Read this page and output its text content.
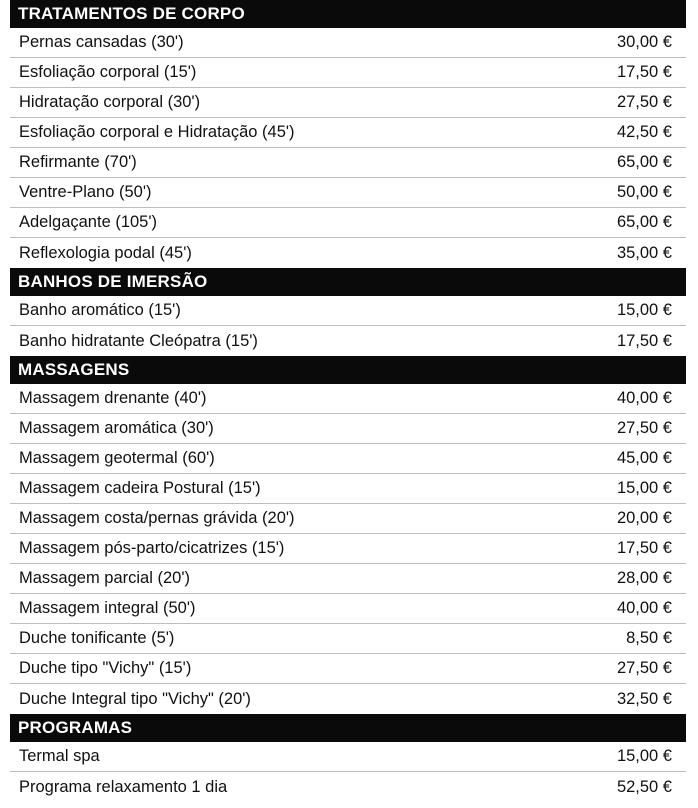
TRATAMENTOS DE CORPO
Pernas cansadas (30')	30,00 €
Esfoliação corporal (15')	17,50 €
Hidratação corporal (30')	27,50 €
Esfoliação corporal e Hidratação (45')	42,50 €
Refirmante (70')	65,00 €
Ventre-Plano (50')	50,00 €
Adelgaçante (105')	65,00 €
Reflexologia podal (45')	35,00 €
BANHOS DE IMERSÃO
Banho aromático (15')	15,00 €
Banho hidratante Cleópatra (15')	17,50 €
MASSAGENS
Massagem drenante (40')	40,00 €
Massagem aromática (30')	27,50 €
Massagem geotermal (60')	45,00 €
Massagem cadeira Postural (15')	15,00 €
Massagem costa/pernas grávida (20')	20,00 €
Massagem pós-parto/cicatrizes (15')	17,50 €
Massagem parcial (20')	28,00 €
Massagem integral (50')	40,00 €
Duche tonificante (5')	8,50 €
Duche tipo "Vichy" (15')	27,50 €
Duche Integral tipo "Vichy" (20')	32,50 €
PROGRAMAS
Termal spa	15,00 €
Programa relaxamento 1 dia	52,50 €
